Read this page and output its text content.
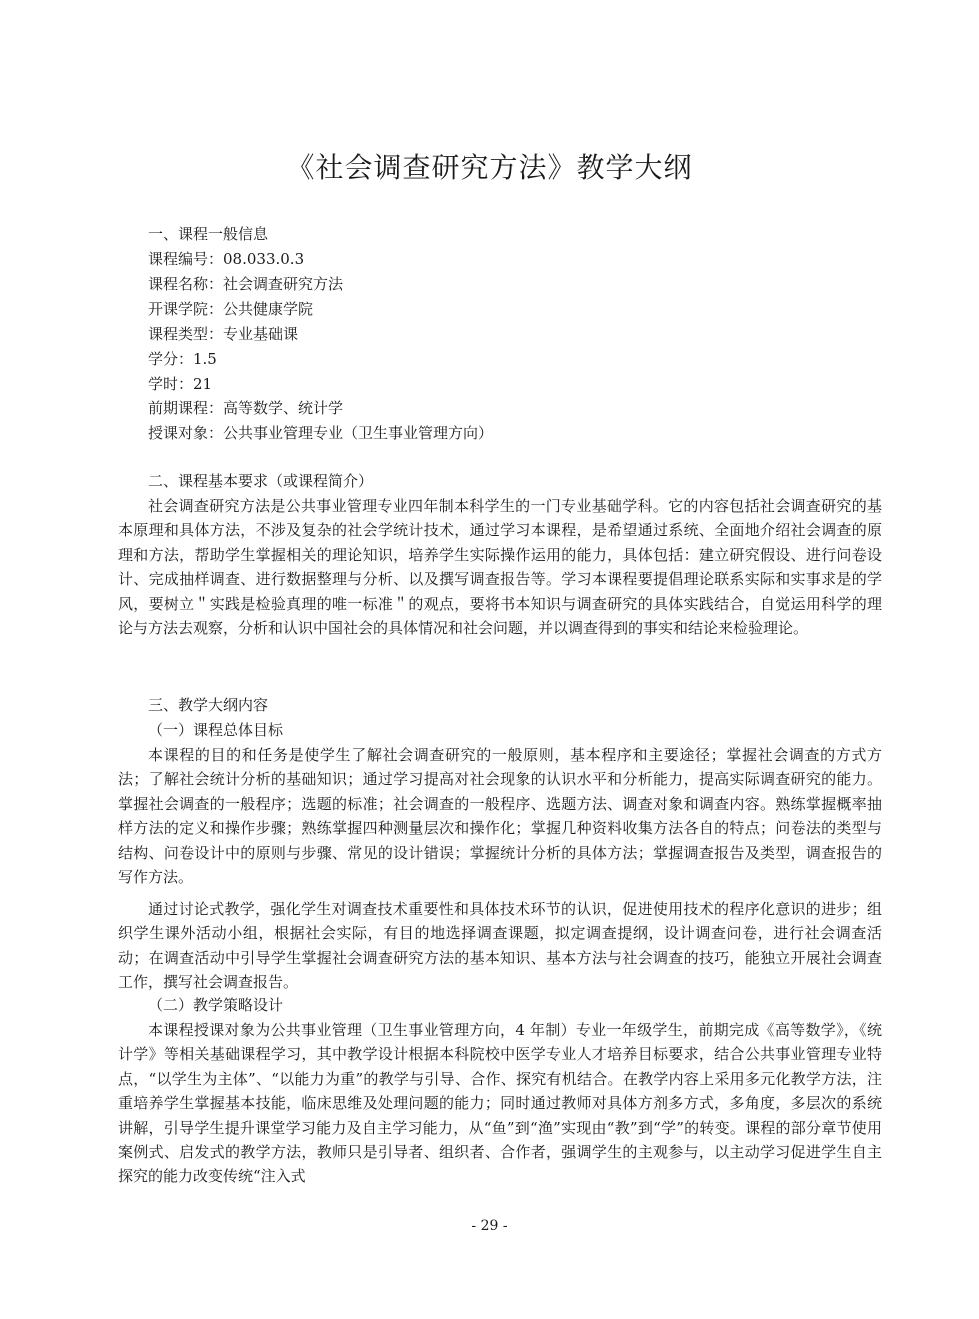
《社会调查研究方法》教学大纲
一、课程一般信息
课程编号：08.033.0.3
课程名称：社会调查研究方法
开课学院：公共健康学院
课程类型：专业基础课
学分：1.5
学时：21
前期课程：高等数学、统计学
授课对象：公共事业管理专业（卫生事业管理方向）
二、课程基本要求（或课程简介）
社会调查研究方法是公共事业管理专业四年制本科学生的一门专业基础学科。它的内容包括社会调查研究的基本原理和具体方法，不涉及复杂的社会学统计技术，通过学习本课程，是希望通过系统、全面地介绍社会调查的原理和方法，帮助学生掌握相关的理论知识，培养学生实际操作运用的能力，具体包括：建立研究假设、进行问卷设计、完成抽样调查、进行数据整理与分析、以及撰写调查报告等。学习本课程要提倡理论联系实际和实事求是的学风，要树立＂实践是检验真理的唯一标准＂的观点，要将书本知识与调查研究的具体实践结合，自觉运用科学的理论与方法去观察，分析和认识中国社会的具体情况和社会问题，并以调查得到的事实和结论来检验理论。
三、教学大纲内容
（一）课程总体目标
本课程的目的和任务是使学生了解社会调查研究的一般原则，基本程序和主要途径；掌握社会调查的方式方法；了解社会统计分析的基础知识；通过学习提高对社会现象的认识水平和分析能力，提高实际调查研究的能力。掌握社会调查的一般程序；选题的标准；社会调查的一般程序、选题方法、调查对象和调查内容。熟练掌握概率抽样方法的定义和操作步骤；熟练掌握四种测量层次和操作化；掌握几种资料收集方法各自的特点；问卷法的类型与结构、问卷设计中的原则与步骤、常见的设计错误；掌握统计分析的具体方法；掌握调查报告及类型，调查报告的写作方法。
通过讨论式教学，强化学生对调查技术重要性和具体技术环节的认识，促进使用技术的程序化意识的进步；组织学生课外活动小组，根据社会实际，有目的地选择调查课题，拟定调查提纲，设计调查问卷，进行社会调查活动；在调查活动中引导学生掌握社会调查研究方法的基本知识、基本方法与社会调查的技巧，能独立开展社会调查工作，撰写社会调查报告。
（二）教学策略设计
本课程授课对象为公共事业管理（卫生事业管理方向，4 年制）专业一年级学生，前期完成《高等数学》，《统计学》等相关基础课程学习，其中教学设计根据本科院校中医学专业人才培养目标要求，结合公共事业管理专业特点，“以学生为主体”、“以能力为重”的教学与引导、合作、探究有机结合。在教学内容上采用多元化教学方法，注重培养学生掌握基本技能，临床思维及处理问题的能力；同时通过教师对具体方剂多方式，多角度，多层次的系统讲解，引导学生提升课堂学习能力及自主学习能力，从“鱼”到“渔”实现由“教”到“学”的转变。课程的部分章节使用案例式、启发式的教学方法，教师只是引导者、组织者、合作者，强调学生的主观参与，以主动学习促进学生自主探究的能力改变传统“注入式
- 29 -
